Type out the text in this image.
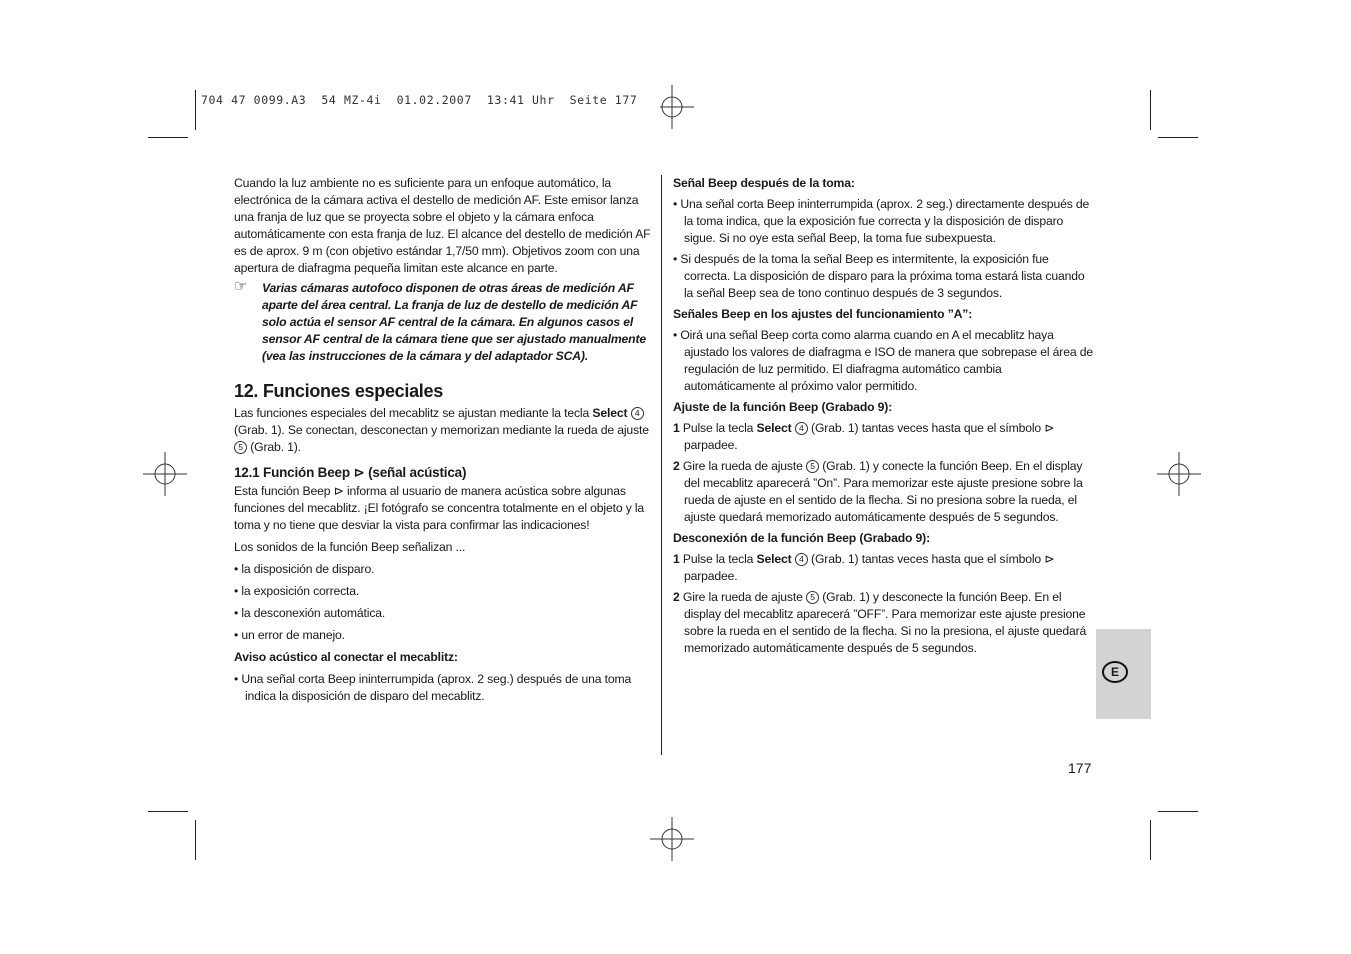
704 47 0099.A3  54 MZ-4i  01.02.2007  13:41 Uhr  Seite 177

Cuando la luz ambiente no es suficiente para un enfoque automático, la electrónica de la cámara activa el destello de medición AF. Este emisor lanza una franja de luz que se proyecta sobre el objeto y la cámara enfoca automáticamente con esta franja de luz. El alcance del destello de medición AF es de aprox. 9 m (con objetivo estándar 1,7/50 mm). Objetivos zoom con una apertura de diafragma pequeña limitan este alcance en parte.

☞ Varias cámaras autofoco disponen de otras áreas de medición AF aparte del área central. La franja de luz de destello de medición AF solo actúa el sensor AF central de la cámara. En algunos casos el sensor AF central de la cámara tiene que ser ajustado manualmente (vea las instrucciones de la cámara y del adaptador SCA).

12. Funciones especiales

Las funciones especiales del mecablitz se ajustan mediante la tecla Select 4 (Grab. 1). Se conectan, desconectan y memorizan mediante la rueda de ajuste 5 (Grab. 1).

12.1 Función Beep ⊳ (señal acústica)

Esta función Beep ⊳ informa al usuario de manera acústica sobre algunas funciones del mecablitz. ¡El fotógrafo se concentra totalmente en el objeto y la toma y no tiene que desviar la vista para confirmar las indicaciones!

Los sonidos de la función Beep señalizan ...

• la disposición de disparo.

• la exposición correcta.

• la desconexión automática.

• un error de manejo.

Aviso acústico al conectar el mecablitz:

• Una señal corta Beep ininterrumpida (aprox. 2 seg.) después de una toma indica la disposición de disparo del mecablitz.

Señal Beep después de la toma:

• Una señal corta Beep ininterrumpida (aprox. 2 seg.) directamente después de la toma indica, que la exposición fue correcta y la disposición de disparo sigue. Si no oye esta señal Beep, la toma fue subexpuesta.

• Si después de la toma la señal Beep es intermitente, la exposición fue correcta. La disposición de disparo para la próxima toma estará lista cuando la señal Beep sea de tono continuo después de 3 segundos.

Señales Beep en los ajustes del funcionamiento ”A”:

• Oirá una señal Beep corta como alarma cuando en A el mecablitz haya ajustado los valores de diafragma e ISO de manera que sobrepase el área de regulación de luz permitido. El diafragma automático cambia automáticamente al próximo valor permitido.

Ajuste de la función Beep (Grabado 9):

1 Pulse la tecla Select 4 (Grab. 1) tantas veces hasta que el símbolo ⊳ parpadee.

2 Gire la rueda de ajuste 5 (Grab. 1) y conecte la función Beep. En el display del mecablitz aparecerá ”On”. Para memorizar este ajuste presione sobre la rueda de ajuste en el sentido de la flecha. Si no presiona sobre la rueda, el ajuste quedará memorizado automáticamente después de 5 segundos.

Desconexión de la función Beep (Grabado 9):

1 Pulse la tecla Select 4 (Grab. 1) tantas veces hasta que el símbolo ⊳ parpadee.

2 Gire la rueda de ajuste 5 (Grab. 1) y desconecte la función Beep. En el display del mecablitz aparecerá ”OFF”. Para memorizar este ajuste presione sobre la rueda en el sentido de la flecha. Si no la presiona, el ajuste quedará memorizado automáticamente después de 5 segundos.

E
177
